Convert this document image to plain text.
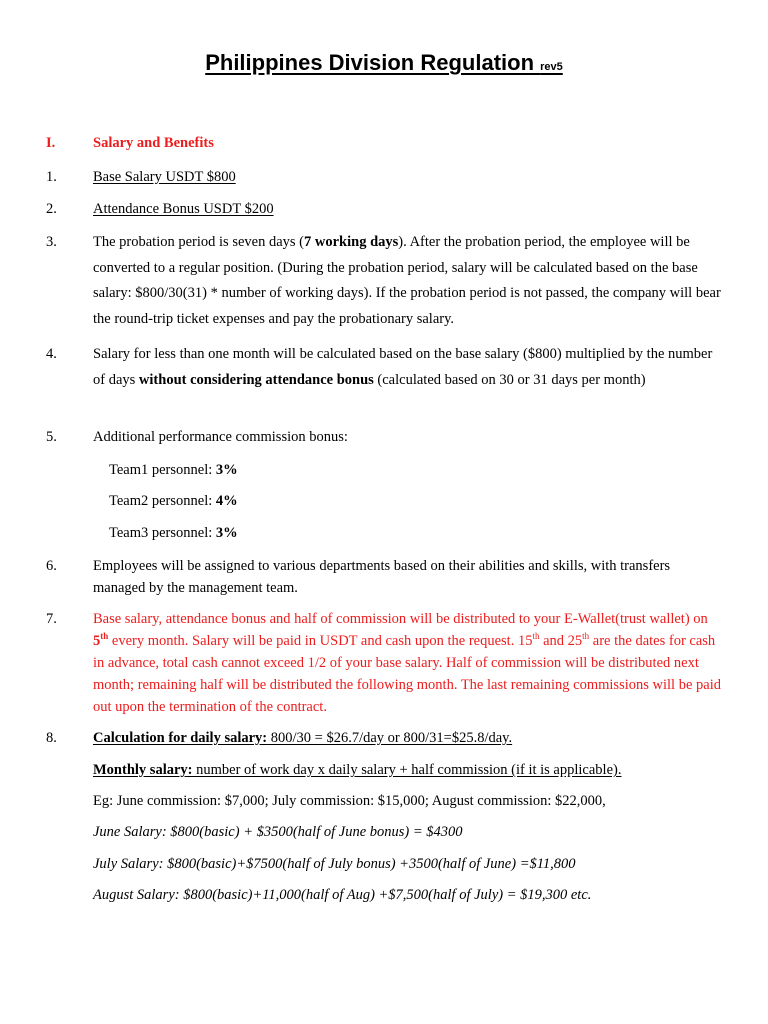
Philippines Division Regulation rev5
I.	Salary and Benefits
1.	Base Salary USDT $800
2.	Attendance Bonus USDT $200
3.	The probation period is seven days (7 working days). After the probation period, the employee will be converted to a regular position. (During the probation period, salary will be calculated based on the base salary: $800/30(31) * number of working days). If the probation period is not passed, the company will bear the round-trip ticket expenses and pay the probationary salary.
4.	Salary for less than one month will be calculated based on the base salary ($800) multiplied by the number of days without considering attendance bonus (calculated based on 30 or 31 days per month)
5.	Additional performance commission bonus:
Team1 personnel: 3%
Team2 personnel: 4%
Team3 personnel: 3%
6.	Employees will be assigned to various departments based on their abilities and skills, with transfers managed by the management team.
7.	Base salary, attendance bonus and half of commission will be distributed to your E-Wallet(trust wallet) on 5th every month. Salary will be paid in USDT and cash upon the request. 15th and 25th are the dates for cash in advance, total cash cannot exceed 1/2 of your base salary. Half of commission will be distributed next month; remaining half will be distributed the following month. The last remaining commissions will be paid out upon the termination of the contract.
8.	Calculation for daily salary: 800/30 = $26.7/day or 800/31=$25.8/day.
Monthly salary: number of work day x daily salary + half commission (if it is applicable).
Eg: June commission: $7,000; July commission: $15,000; August commission: $22,000,
June Salary: $800(basic) + $3500(half of June bonus) = $4300
July Salary: $800(basic)+$7500(half of July bonus) +3500(half of June) =$11,800
August Salary: $800(basic)+11,000(half of Aug) +$7,500(half of July) = $19,300 etc.
